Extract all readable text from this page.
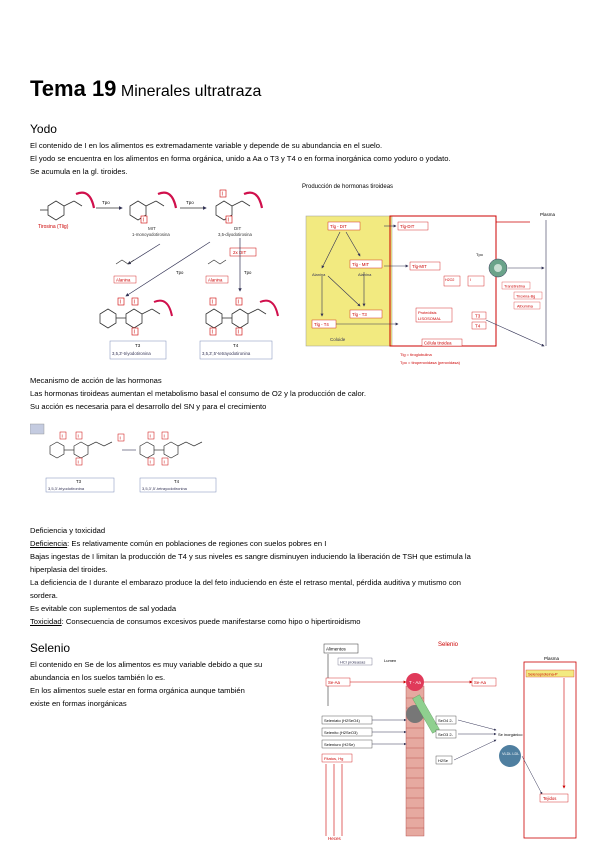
Tema 19 Minerales ultratraza
Yodo
El contenido de I en los alimentos es extremadamente variable y depende de su abundancia en el suelo.
El yodo se encuentra en los alimentos en forma orgánica, unido a Aa o T3 y T4 o en forma inorgánica como yoduro o yodato.
Se acumula en la gl. tiroides.
Tirosina (Tlig)
Tpo
I
MIT
1-monoyodotirosina
Tpo
I
I
DIT
3,5-diyodotirosina
2x DIT
Alanina	Alanina
Tpo	Tpo
I	I
I
T3
3,5,3'-triyodotironina
I	I
I	I
T4
3,5,3',5'-tetrayodotironina
Producción de hormonas tiroideas
Plasma
Tlg - DIT
Tlg - MIT
Tlg - T3
Tlg - T4
Tlg-DIT
Tlg-MIT
Alanina	Alanina
Coloide
Proteólisis
LISOSOMAL	T3
T4
Célula tiroidea
Tpo
H2O2	I
Transtiretina
Tiroxina-Bg
Albúmina
Tlg = tiroglobulina
Tpo = tiroperoxidasa (peroxidasa)
Mecanismo de acción de las hormonas
Las hormonas tiroideas aumentan el metabolismo basal el consumo de O2 y la producción de calor.
Su acción es necesaria para el desarrollo del SN y para el crecimiento
I	I
I
I	I	I
I	I
T3
3,5,3'-triyodotironina
T4
3,5,3',5'-tetrayodotironina
Deficiencia y toxicidad
Deficiencia: Es relativamente común en poblaciones de regiones con suelos pobres en I
Bajas ingestas de I limitan la producción de T4 y sus niveles es sangre disminuyen induciendo la liberación de TSH que estimula la
hiperplasia del tiroides.
La deficiencia de I durante el embarazo produce la del feto induciendo en éste el retraso mental, pérdida auditiva y mutismo con
sordera.
Es evitable con suplementos de sal yodada
Toxicidad: Consecuencia de consumos excesivos puede manifestarse como hipo o hipertiroidismo
Selenio
El contenido en Se de los alimentos es muy variable debido a que su
abundancia en los suelos también lo es.
En los alimentos suele estar en forma orgánica aunque también
existe en formas inorgánicas
Selenio
Alimentos
HCl proteasas	Lumen
Se-Aa	T - Aa	Se-Aa
Seleniato (H2SeO4)
Selenito (H2SeO3)
Seleniuro (H2Se)
Fitatos, Hg
Heces
SeO4 2-
SeO3 2-
H2Se
Se inorgánico
VLDL LDL
Plasma
Selenoproteína-P
Tejidos
